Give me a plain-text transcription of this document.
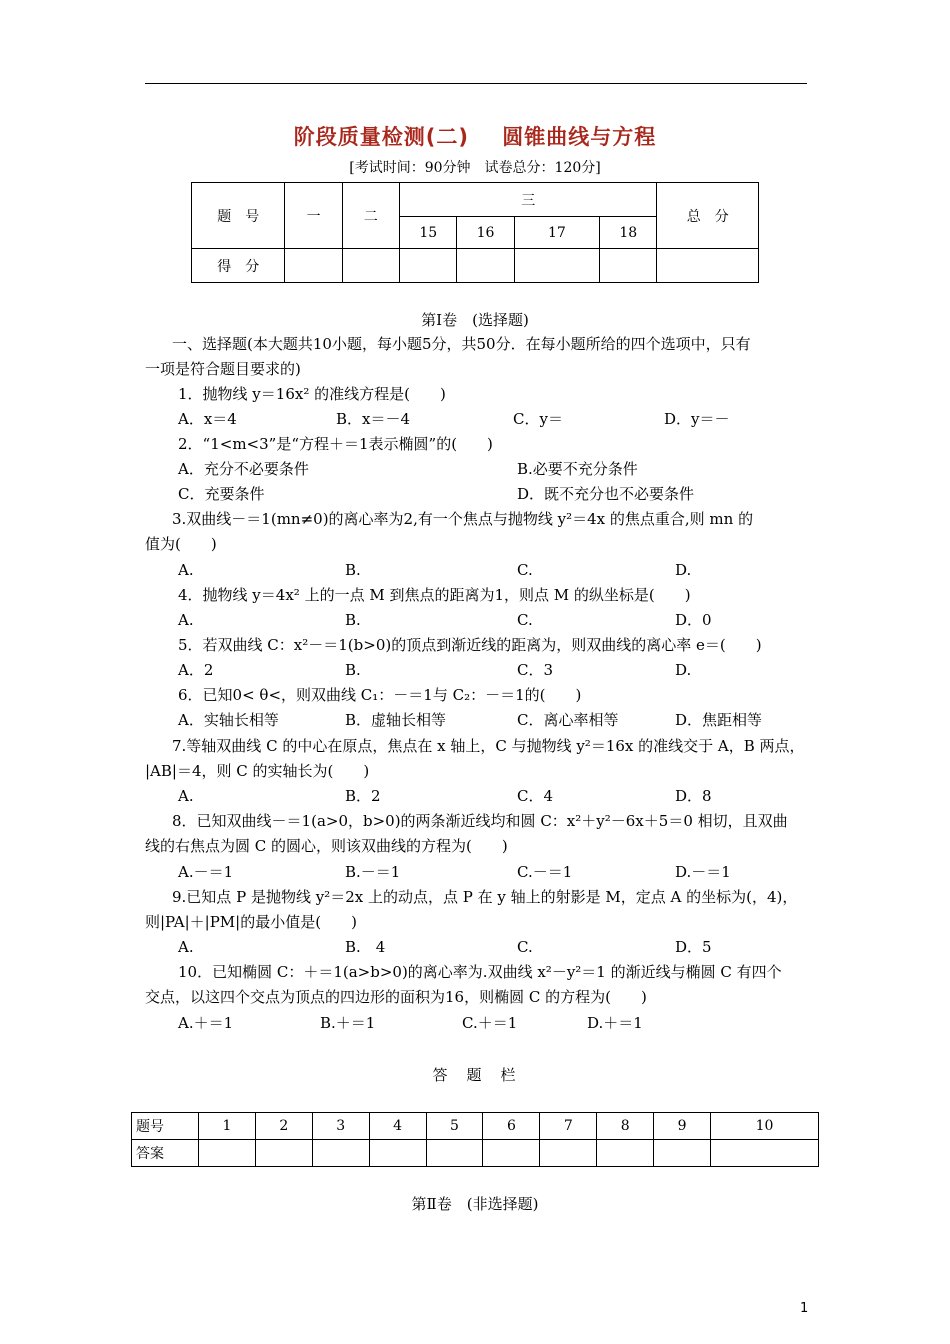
阶段质量检测(二) 圆锥曲线与方程
[考试时间：90分钟　试卷总分：120分]
题　号	一	二	三				总　分
			15	16	17	18	
得　分							
第Ⅰ卷　(选择题)
一、选择题(本大题共10小题，每小题5分，共50分．在每小题所给的四个选项中，只有
一项是符合题目要求的)
1．抛物线 y＝16x² 的准线方程是(　　)
A．x＝4	B．x＝－4	C．y＝	D．y＝－
2．“1<m<3”是“方程＋＝1表示椭圆”的(　　)
A．充分不必要条件	B.必要不充分条件
C．充要条件	D．既不充分也不必要条件
3.双曲线－＝1(mn≠0)的离心率为2,有一个焦点与抛物线 y²＝4x 的焦点重合,则 mn 的
值为(　　)
A.	B.	C.	D.
4．抛物线 y＝4x² 上的一点 M 到焦点的距离为1，则点 M 的纵坐标是(　　)
A.	B.	C.	D．0
5．若双曲线 C：x²－＝1(b>0)的顶点到渐近线的距离为，则双曲线的离心率 e＝(　　)
A．2	B.	C．3	D.
6．已知0< θ<，则双曲线 C₁：－＝1与 C₂：－＝1的(　　)
A．实轴长相等	B．虚轴长相等	C．离心率相等	D．焦距相等
7.等轴双曲线 C 的中心在原点，焦点在 x 轴上，C 与抛物线 y²＝16x 的准线交于 A，B 两点，
|AB|＝4，则 C 的实轴长为(　　)
A.	B．2	C．4	D．8
8．已知双曲线－＝1(a>0，b>0)的两条渐近线均和圆 C：x²＋y²－6x＋5＝0 相切，且双曲
线的右焦点为圆 C 的圆心，则该双曲线的方程为(　　)
A.－＝1	B.－＝1	C.－＝1	D.－＝1
9.已知点 P 是抛物线 y²＝2x 上的动点，点 P 在 y 轴上的射影是 M，定点 A 的坐标为(，4)，
则|PA|＋|PM|的最小值是(　　)
A.	B.　4	C.	D．5
10．已知椭圆 C：＋＝1(a>b>0)的离心率为.双曲线 x²－y²＝1 的渐近线与椭圆 C 有四个
交点，以这四个交点为顶点的四边形的面积为16，则椭圆 C 的方程为(　　)
A.＋＝1	B.＋＝1	C.＋＝1	D.＋＝1
答　题　栏
题号	1	2	3	4	5	6	7	8	9	10
答案										
第Ⅱ卷　(非选择题)
1
